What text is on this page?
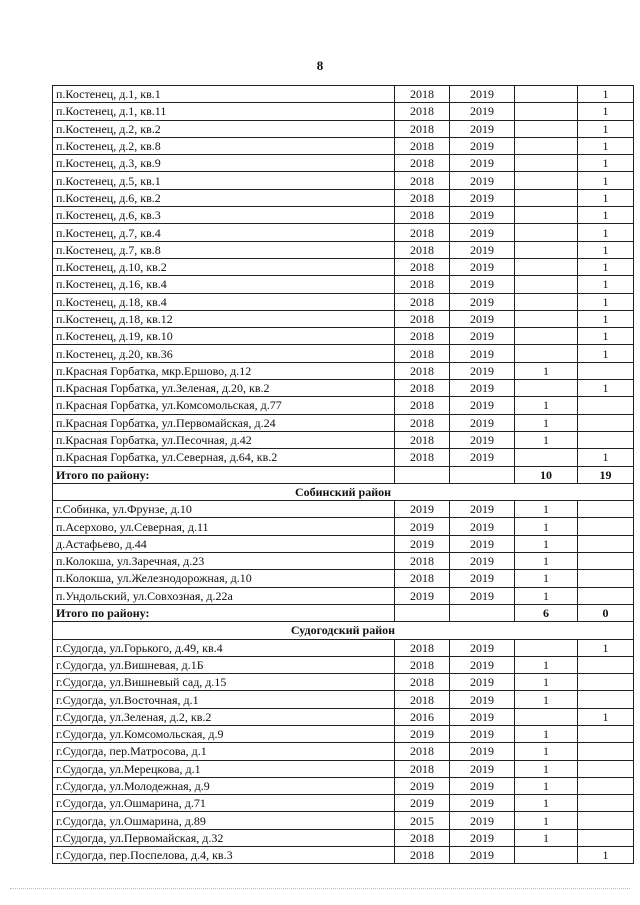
8
п.Костенец, д.1, кв.1	2018	2019		1
п.Костенец, д.1, кв.11	2018	2019		1
п.Костенец, д.2, кв.2	2018	2019		1
п.Костенец, д.2, кв.8	2018	2019		1
п.Костенец, д.3, кв.9	2018	2019		1
п.Костенец, д.5, кв.1	2018	2019		1
п.Костенец, д.6, кв.2	2018	2019		1
п.Костенец, д.6, кв.3	2018	2019		1
п.Костенец, д.7, кв.4	2018	2019		1
п.Костенец, д.7, кв.8	2018	2019		1
п.Костенец, д.10, кв.2	2018	2019		1
п.Костенец, д.16, кв.4	2018	2019		1
п.Костенец, д.18, кв.4	2018	2019		1
п.Костенец, д.18, кв.12	2018	2019		1
п.Костенец, д.19, кв.10	2018	2019		1
п.Костенец, д.20, кв.36	2018	2019		1
п.Красная Горбатка, мкр.Ершово, д.12	2018	2019	1	
п.Красная Горбатка, ул.Зеленая, д.20, кв.2	2018	2019		1
п.Красная Горбатка, ул.Комсомольская, д.77	2018	2019	1	
п.Красная Горбатка, ул.Первомайская, д.24	2018	2019	1	
п.Красная Горбатка, ул.Песочная, д.42	2018	2019	1	
п.Красная Горбатка, ул.Северная, д.64, кв.2	2018	2019		1
Итого по району:			10	19
Собинский район				
г.Собинка, ул.Фрунзе, д.10	2019	2019	1	
п.Асерхово, ул.Северная, д.11	2019	2019	1	
д.Астафьево, д.44	2019	2019	1	
п.Колокша, ул.Заречная, д.23	2018	2019	1	
п.Колокша, ул.Железнодорожная, д.10	2018	2019	1	
п.Ундольский, ул.Совхозная, д.22а	2019	2019	1	
Итого по району:			6	0
Судогодский район				
г.Судогда, ул.Горького, д.49, кв.4	2018	2019		1
г.Судогда, ул.Вишневая, д.1Б	2018	2019	1	
г.Судогда, ул.Вишневый сад, д.15	2018	2019	1	
г.Судогда, ул.Восточная, д.1	2018	2019	1	
г.Судогда, ул.Зеленая, д.2, кв.2	2016	2019		1
г.Судогда, ул.Комсомольская, д.9	2019	2019	1	
г.Судогда, пер.Матросова, д.1	2018	2019	1	
г.Судогда, ул.Мерецкова, д.1	2018	2019	1	
г.Судогда, ул.Молодежная, д.9	2019	2019	1	
г.Судогда, ул.Ошмарина, д.71	2019	2019	1	
г.Судогда, ул.Ошмарина, д.89	2015	2019	1	
г.Судогда, ул.Первомайская, д.32	2018	2019	1	
г.Судогда, пер.Поспелова, д.4, кв.3	2018	2019		1
